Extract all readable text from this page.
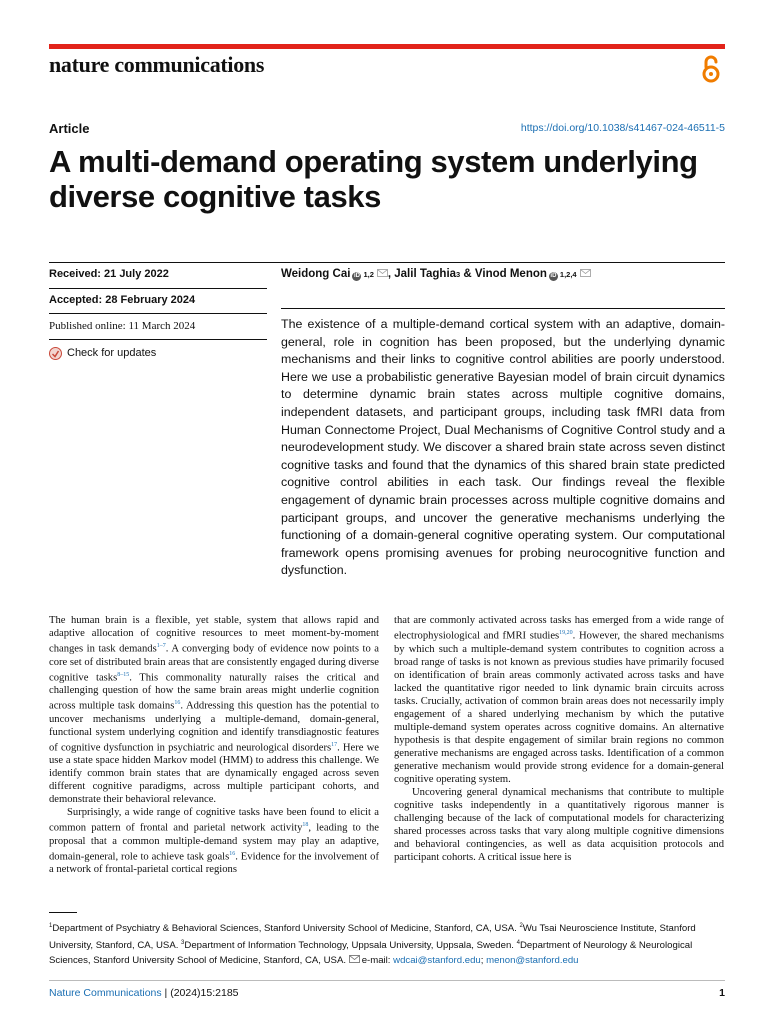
nature communications
Article	https://doi.org/10.1038/s41467-024-46511-5
A multi-demand operating system underlying diverse cognitive tasks
Received: 21 July 2022
Accepted: 28 February 2024
Published online: 11 March 2024
Check for updates
Weidong Cai iD 1,2 , Jalil Taghia 3 & Vinod Menon iD 1,2,4

The existence of a multiple-demand cortical system with an adaptive, domain-general, role in cognition has been proposed, but the underlying dynamic mechanisms and their links to cognitive control abilities are poorly understood. Here we use a probabilistic generative Bayesian model of brain circuit dynamics to determine dynamic brain states across multiple cognitive domains, independent datasets, and participant groups, including task fMRI data from Human Connectome Project, Dual Mechanisms of Cognitive Control study and a neurodevelopment study. We discover a shared brain state across seven distinct cognitive tasks and found that the dynamics of this shared brain state predicted cognitive control abilities in each task. Our findings reveal the flexible engagement of dynamic brain processes across multiple cognitive domains and participant groups, and uncover the generative mechanisms underlying the functioning of a domain-general cognitive operating system. Our computational framework opens promising avenues for probing neurocognitive function and dysfunction.

The human brain is a flexible, yet stable, system that allows rapid and adaptive allocation of cognitive resources to meet moment-by-moment changes in task demands$^{1-7}$. A converging body of evidence now points to a core set of distributed brain areas that are consistently engaged during diverse cognitive tasks$^{8-15}$. This commonality naturally raises the critical and challenging question of how the same brain areas might underlie cognition across multiple task domains$^{16}$. Addressing this question has the potential to uncover mechanisms underlying a multiple-demand, domain-general, functional system underlying cognition and identify transdiagnostic features of cognitive dysfunction in psychiatric and neurological disorders$^{17}$. Here we use a state space hidden Markov model (HMM) to address this challenge. We identify common brain states that are dynamically engaged across seven different cognitive paradigms, across multiple participant cohorts, and demonstrate their behavioral relevance.

Surprisingly, a wide range of cognitive tasks have been found to elicit a common pattern of frontal and parietal network activity$^{18}$, leading to the proposal that a common multiple-demand system may play an adaptive, domain-general, role to achieve task goals$^{16}$. Evidence for the involvement of a network of frontal-parietal cortical regions

that are commonly activated across tasks has emerged from a wide range of electrophysiological and fMRI studies$^{19,20}$. However, the shared mechanisms by which such a multiple-demand system contributes to cognition across a broad range of tasks is not known as previous studies have primarily focused on identification of brain areas commonly activated across tasks and have lacked the quantitative rigor needed to link dynamic brain circuits across tasks. Crucially, activation of common brain areas does not necessarily imply engagement of a shared underlying mechanism by which the putative multiple-demand system operates across cognitive domains. An alternative hypothesis is that despite engagement of similar brain regions no common generative mechanisms are engaged across tasks. Identification of a common generative mechanism would provide strong evidence for a domain-general cognitive operating system.

Uncovering general dynamical mechanisms that contribute to multiple cognitive tasks independently in a quantitatively rigorous manner is challenging because of the lack of computational models for characterizing shared processes across tasks that vary along multiple cognitive dimensions and behavioral contingencies, as well as data acquisition protocols and participant cohorts. A critical issue here is

$^1$Department of Psychiatry & Behavioral Sciences, Stanford University School of Medicine, Stanford, CA, USA. $^2$Wu Tsai Neuroscience Institute, Stanford University, Stanford, CA, USA. $^3$Department of Information Technology, Uppsala University, Uppsala, Sweden. $^4$Department of Neurology & Neurological Sciences, Stanford University School of Medicine, Stanford, CA, USA. e-mail: wdcai@stanford.edu; menon@stanford.edu
Nature Communications | (2024)15:2185	1
